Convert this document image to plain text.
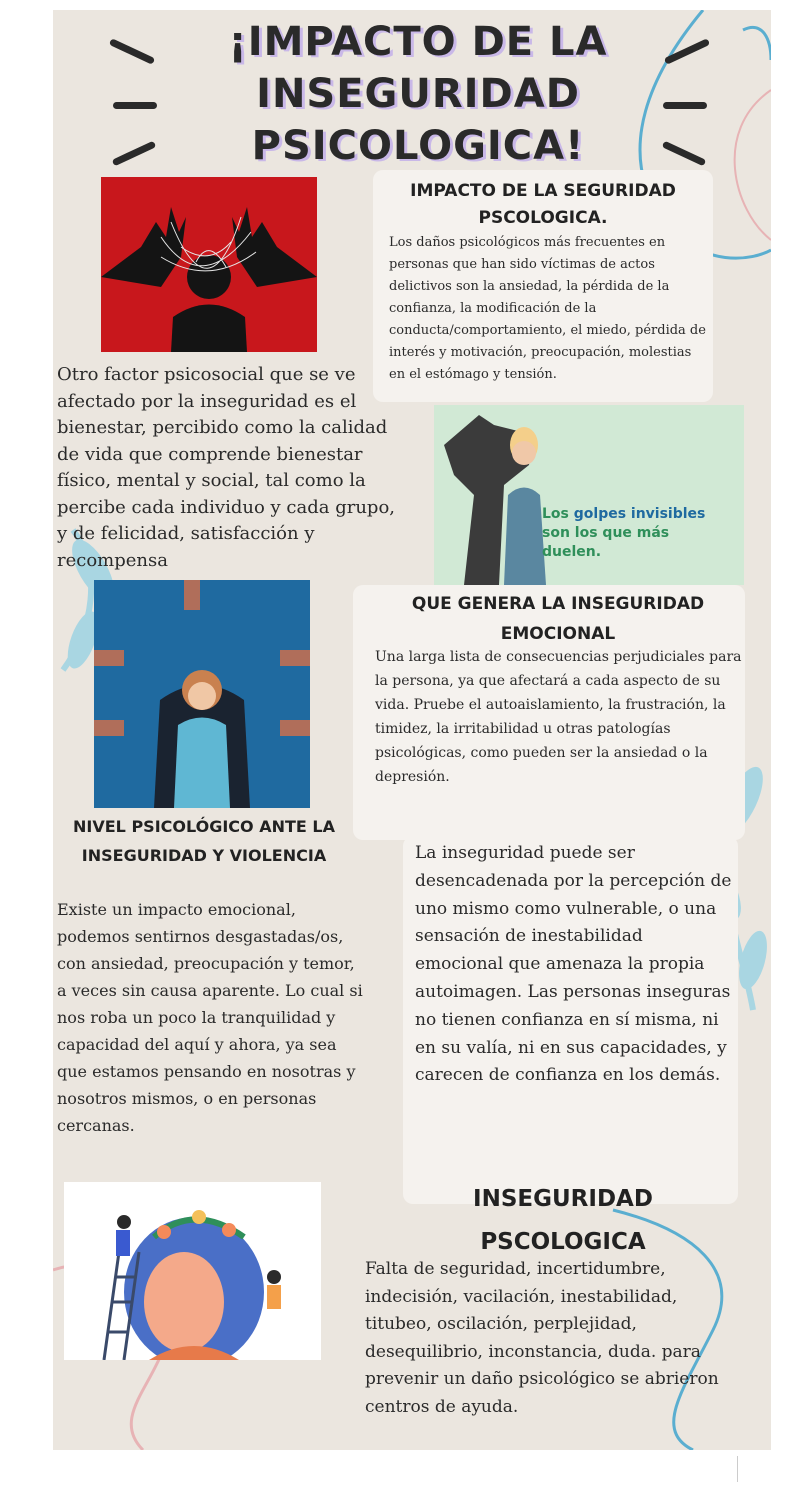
¡IMPACTO DE LA INSEGURIDAD PSICOLOGICA!
IMPACTO DE LA SEGURIDAD PSCOLOGICA.
Los daños psicológicos más frecuentes en personas que han sido víctimas de actos delictivos son la ansiedad, la pérdida de la confianza, la modificación de la conducta/comportamiento, el miedo, pérdida de interés y motivación, preocupación, molestias en el estómago y tensión.
Otro factor psicosocial que se ve afectado por la inseguridad es el bienestar, percibido como la calidad de vida que comprende bienestar físico, mental y social, tal como la percibe cada individuo y cada grupo, y de felicidad, satisfacción y recompensa
Los golpes invisibles
son los que más
duelen.
QUE GENERA LA INSEGURIDAD EMOCIONAL
Una larga lista de consecuencias perjudiciales para la persona, ya que afectará a cada aspecto de su vida. Pruebe el autoaislamiento, la frustración, la timidez, la irritabilidad u otras patologías psicológicas, como pueden ser la ansiedad o la depresión.
NIVEL PSICOLÓGICO ANTE LA INSEGURIDAD Y VIOLENCIA
Existe un impacto emocional, podemos sentirnos desgastadas/os, con ansiedad, preocupación y temor, a veces sin causa aparente. Lo cual si nos roba un poco la tranquilidad y capacidad del aquí y ahora, ya sea que estamos pensando en nosotras y nosotros mismos, o en personas cercanas.
La inseguridad puede ser desencadenada por la percepción de uno mismo como vulnerable, o una sensación de inestabilidad emocional que amenaza la propia autoimagen. Las personas inseguras no tienen confianza en sí misma, ni en su valía, ni en sus capacidades, y carecen de confianza en los demás.
INSEGURIDAD PSCOLOGICA
Falta de seguridad, incertidumbre, indecisión, vacilación, inestabilidad, titubeo, oscilación, perplejidad, desequilibrio, inconstancia, duda. para prevenir un daño psicológico se abrieron centros de ayuda.
